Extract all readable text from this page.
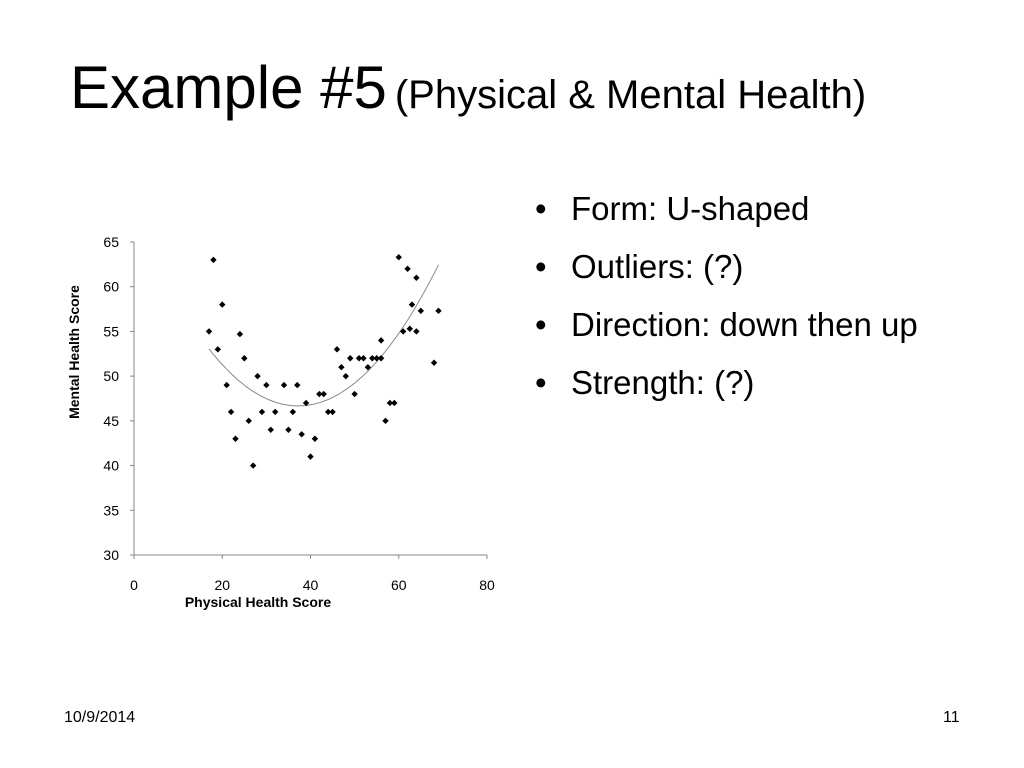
Example #5 (Physical & Mental Health)
30
35
40
45
50
55
60
65
0	20	40	60	80
Physical Health Score
Mental Health Score
• Form: U-shaped
• Outliers: (?)
• Direction: down then up
• Strength: (?)
10/9/2014	11
